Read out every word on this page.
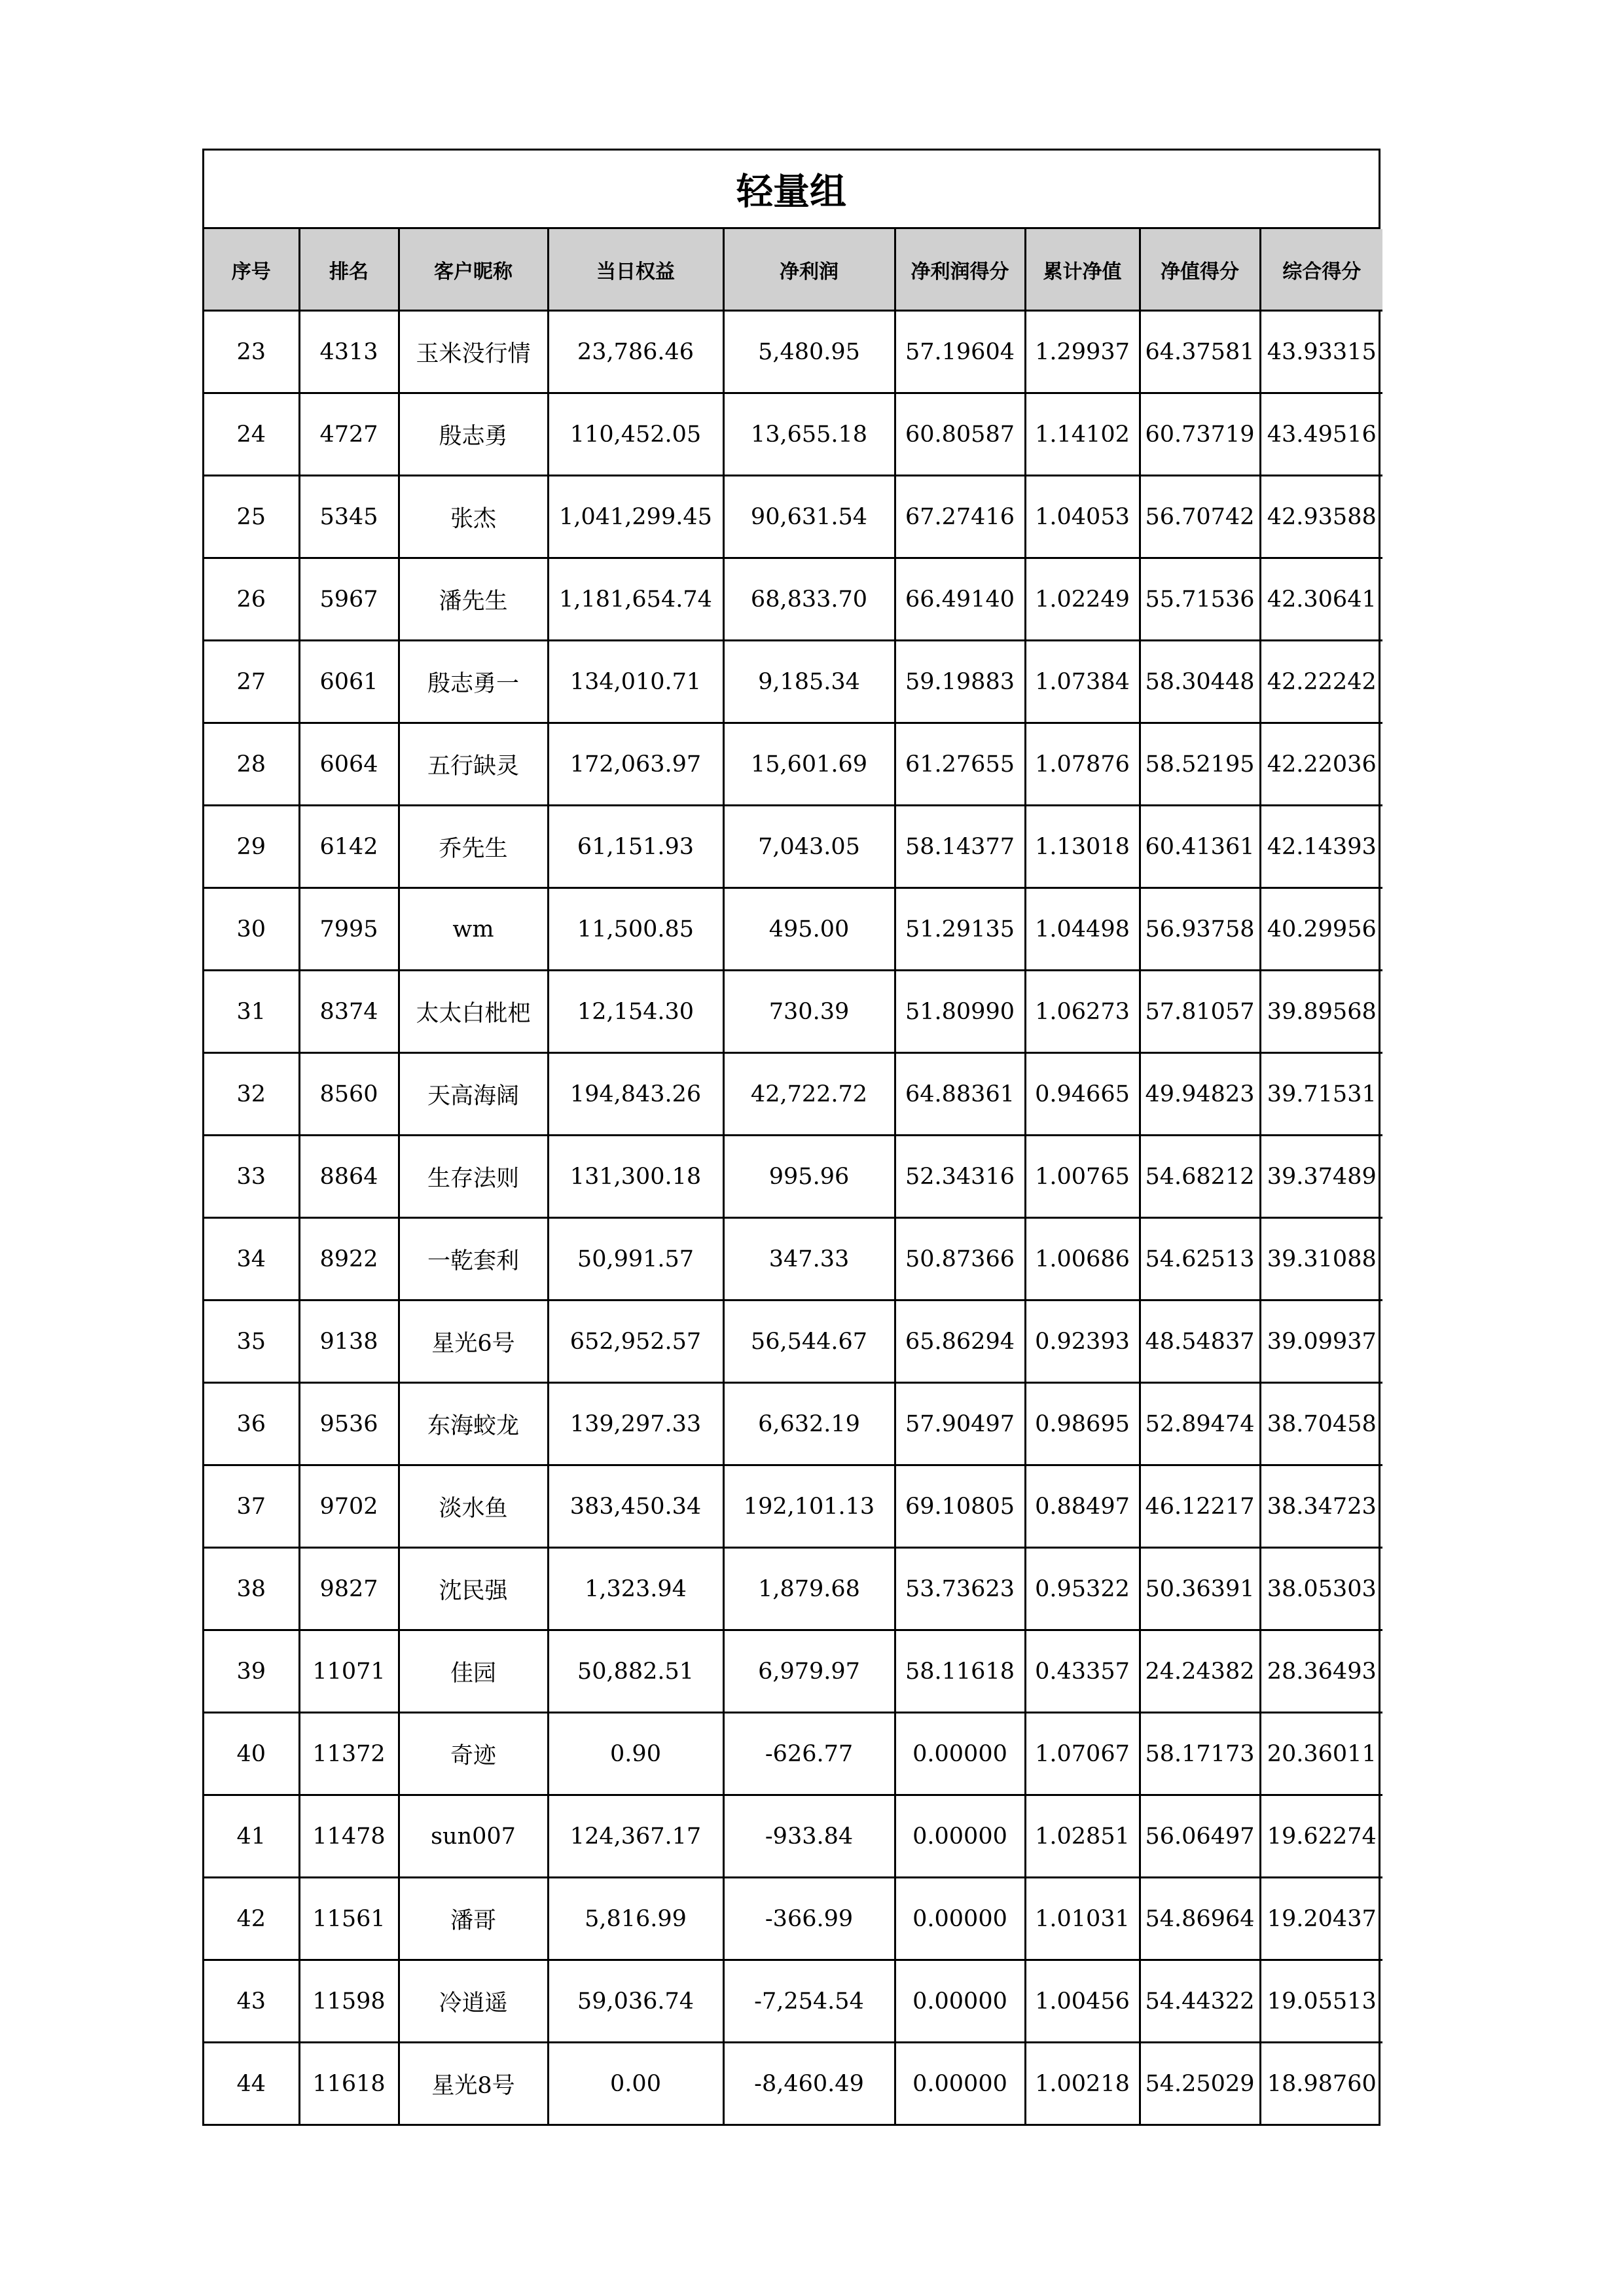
轻量组
序号	排名	客户昵称	当日权益	净利润	净利润得分	累计净值	净值得分	综合得分
23	4313	玉米没行情	23,786.46	5,480.95	57.19604	1.29937	64.37581	43.93315
24	4727	殷志勇	110,452.05	13,655.18	60.80587	1.14102	60.73719	43.49516
25	5345	张杰	1,041,299.45	90,631.54	67.27416	1.04053	56.70742	42.93588
26	5967	潘先生	1,181,654.74	68,833.70	66.49140	1.02249	55.71536	42.30641
27	6061	殷志勇一	134,010.71	9,185.34	59.19883	1.07384	58.30448	42.22242
28	6064	五行缺灵	172,063.97	15,601.69	61.27655	1.07876	58.52195	42.22036
29	6142	乔先生	61,151.93	7,043.05	58.14377	1.13018	60.41361	42.14393
30	7995	wm	11,500.85	495.00	51.29135	1.04498	56.93758	40.29956
31	8374	太太白枇杷	12,154.30	730.39	51.80990	1.06273	57.81057	39.89568
32	8560	天高海阔	194,843.26	42,722.72	64.88361	0.94665	49.94823	39.71531
33	8864	生存法则	131,300.18	995.96	52.34316	1.00765	54.68212	39.37489
34	8922	一乾套利	50,991.57	347.33	50.87366	1.00686	54.62513	39.31088
35	9138	星光6号	652,952.57	56,544.67	65.86294	0.92393	48.54837	39.09937
36	9536	东海蛟龙	139,297.33	6,632.19	57.90497	0.98695	52.89474	38.70458
37	9702	淡水鱼	383,450.34	192,101.13	69.10805	0.88497	46.12217	38.34723
38	9827	沈民强	1,323.94	1,879.68	53.73623	0.95322	50.36391	38.05303
39	11071	佳园	50,882.51	6,979.97	58.11618	0.43357	24.24382	28.36493
40	11372	奇迹	0.90	-626.77	0.00000	1.07067	58.17173	20.36011
41	11478	sun007	124,367.17	-933.84	0.00000	1.02851	56.06497	19.62274
42	11561	潘哥	5,816.99	-366.99	0.00000	1.01031	54.86964	19.20437
43	11598	冷逍遥	59,036.74	-7,254.54	0.00000	1.00456	54.44322	19.05513
44	11618	星光8号	0.00	-8,460.49	0.00000	1.00218	54.25029	18.98760
